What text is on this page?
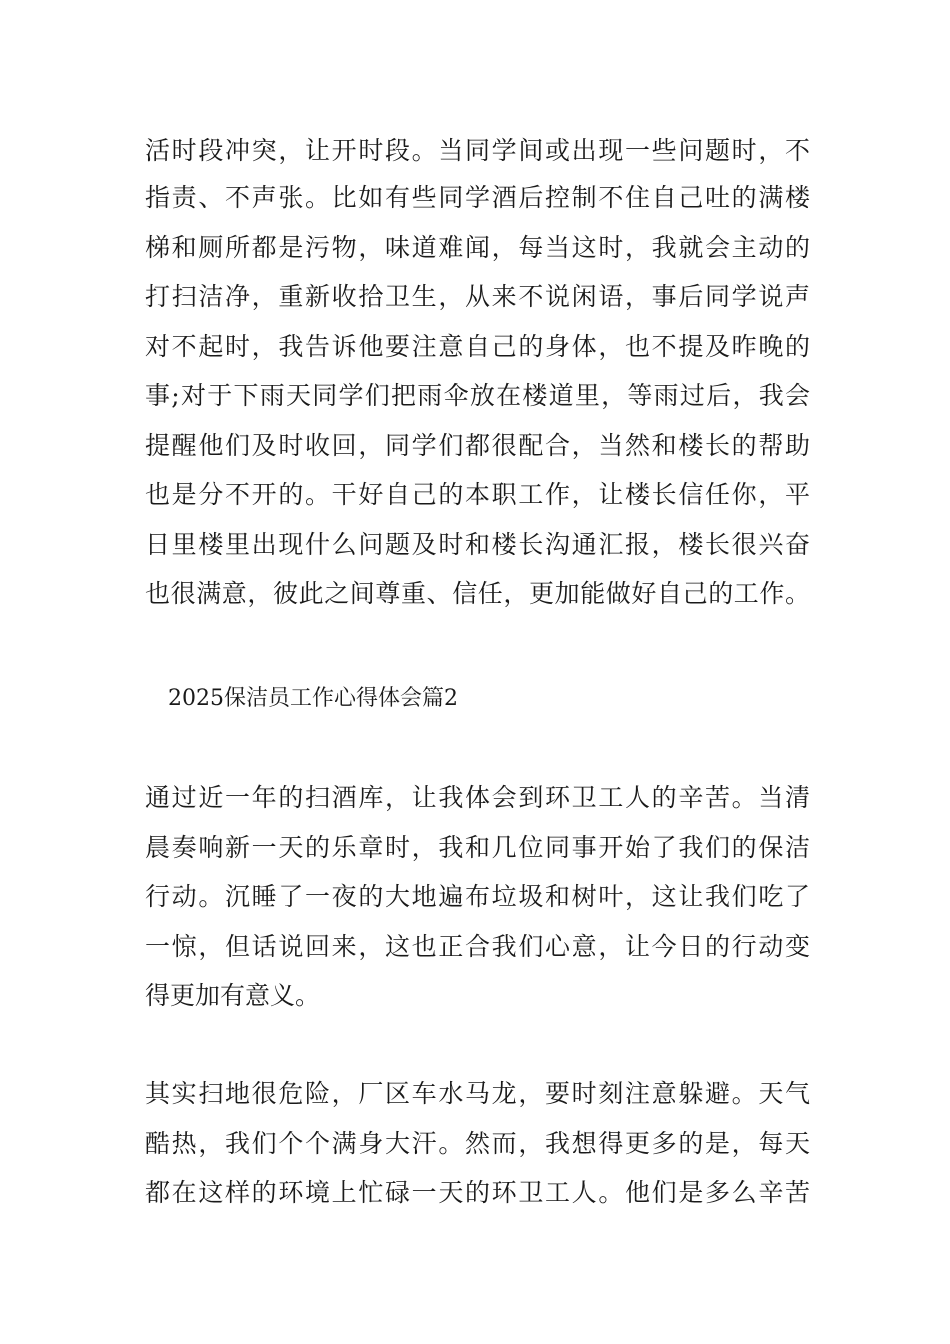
活时段冲突，让开时段。当同学间或出现一些问题时，不
指责、不声张。比如有些同学酒后控制不住自己吐的满楼
梯和厕所都是污物，味道难闻，每当这时，我就会主动的
打扫洁净，重新收拾卫生，从来不说闲语，事后同学说声
对不起时，我告诉他要注意自己的身体，也不提及昨晚的
事;对于下雨天同学们把雨伞放在楼道里，等雨过后，我会
提醒他们及时收回，同学们都很配合，当然和楼长的帮助
也是分不开的。干好自己的本职工作，让楼长信任你，平
日里楼里出现什么问题及时和楼长沟通汇报，楼长很兴奋
也很满意，彼此之间尊重、信任，更加能做好自己的工作。
2025保洁员工作心得体会篇2
通过近一年的扫酒库，让我体会到环卫工人的辛苦。当清
晨奏响新一天的乐章时，我和几位同事开始了我们的保洁
行动。沉睡了一夜的大地遍布垃圾和树叶，这让我们吃了
一惊，但话说回来，这也正合我们心意，让今日的行动变
得更加有意义。
其实扫地很危险，厂区车水马龙，要时刻注意躲避。天气
酷热，我们个个满身大汗。然而，我想得更多的是，每天
都在这样的环境上忙碌一天的环卫工人。他们是多么辛苦
